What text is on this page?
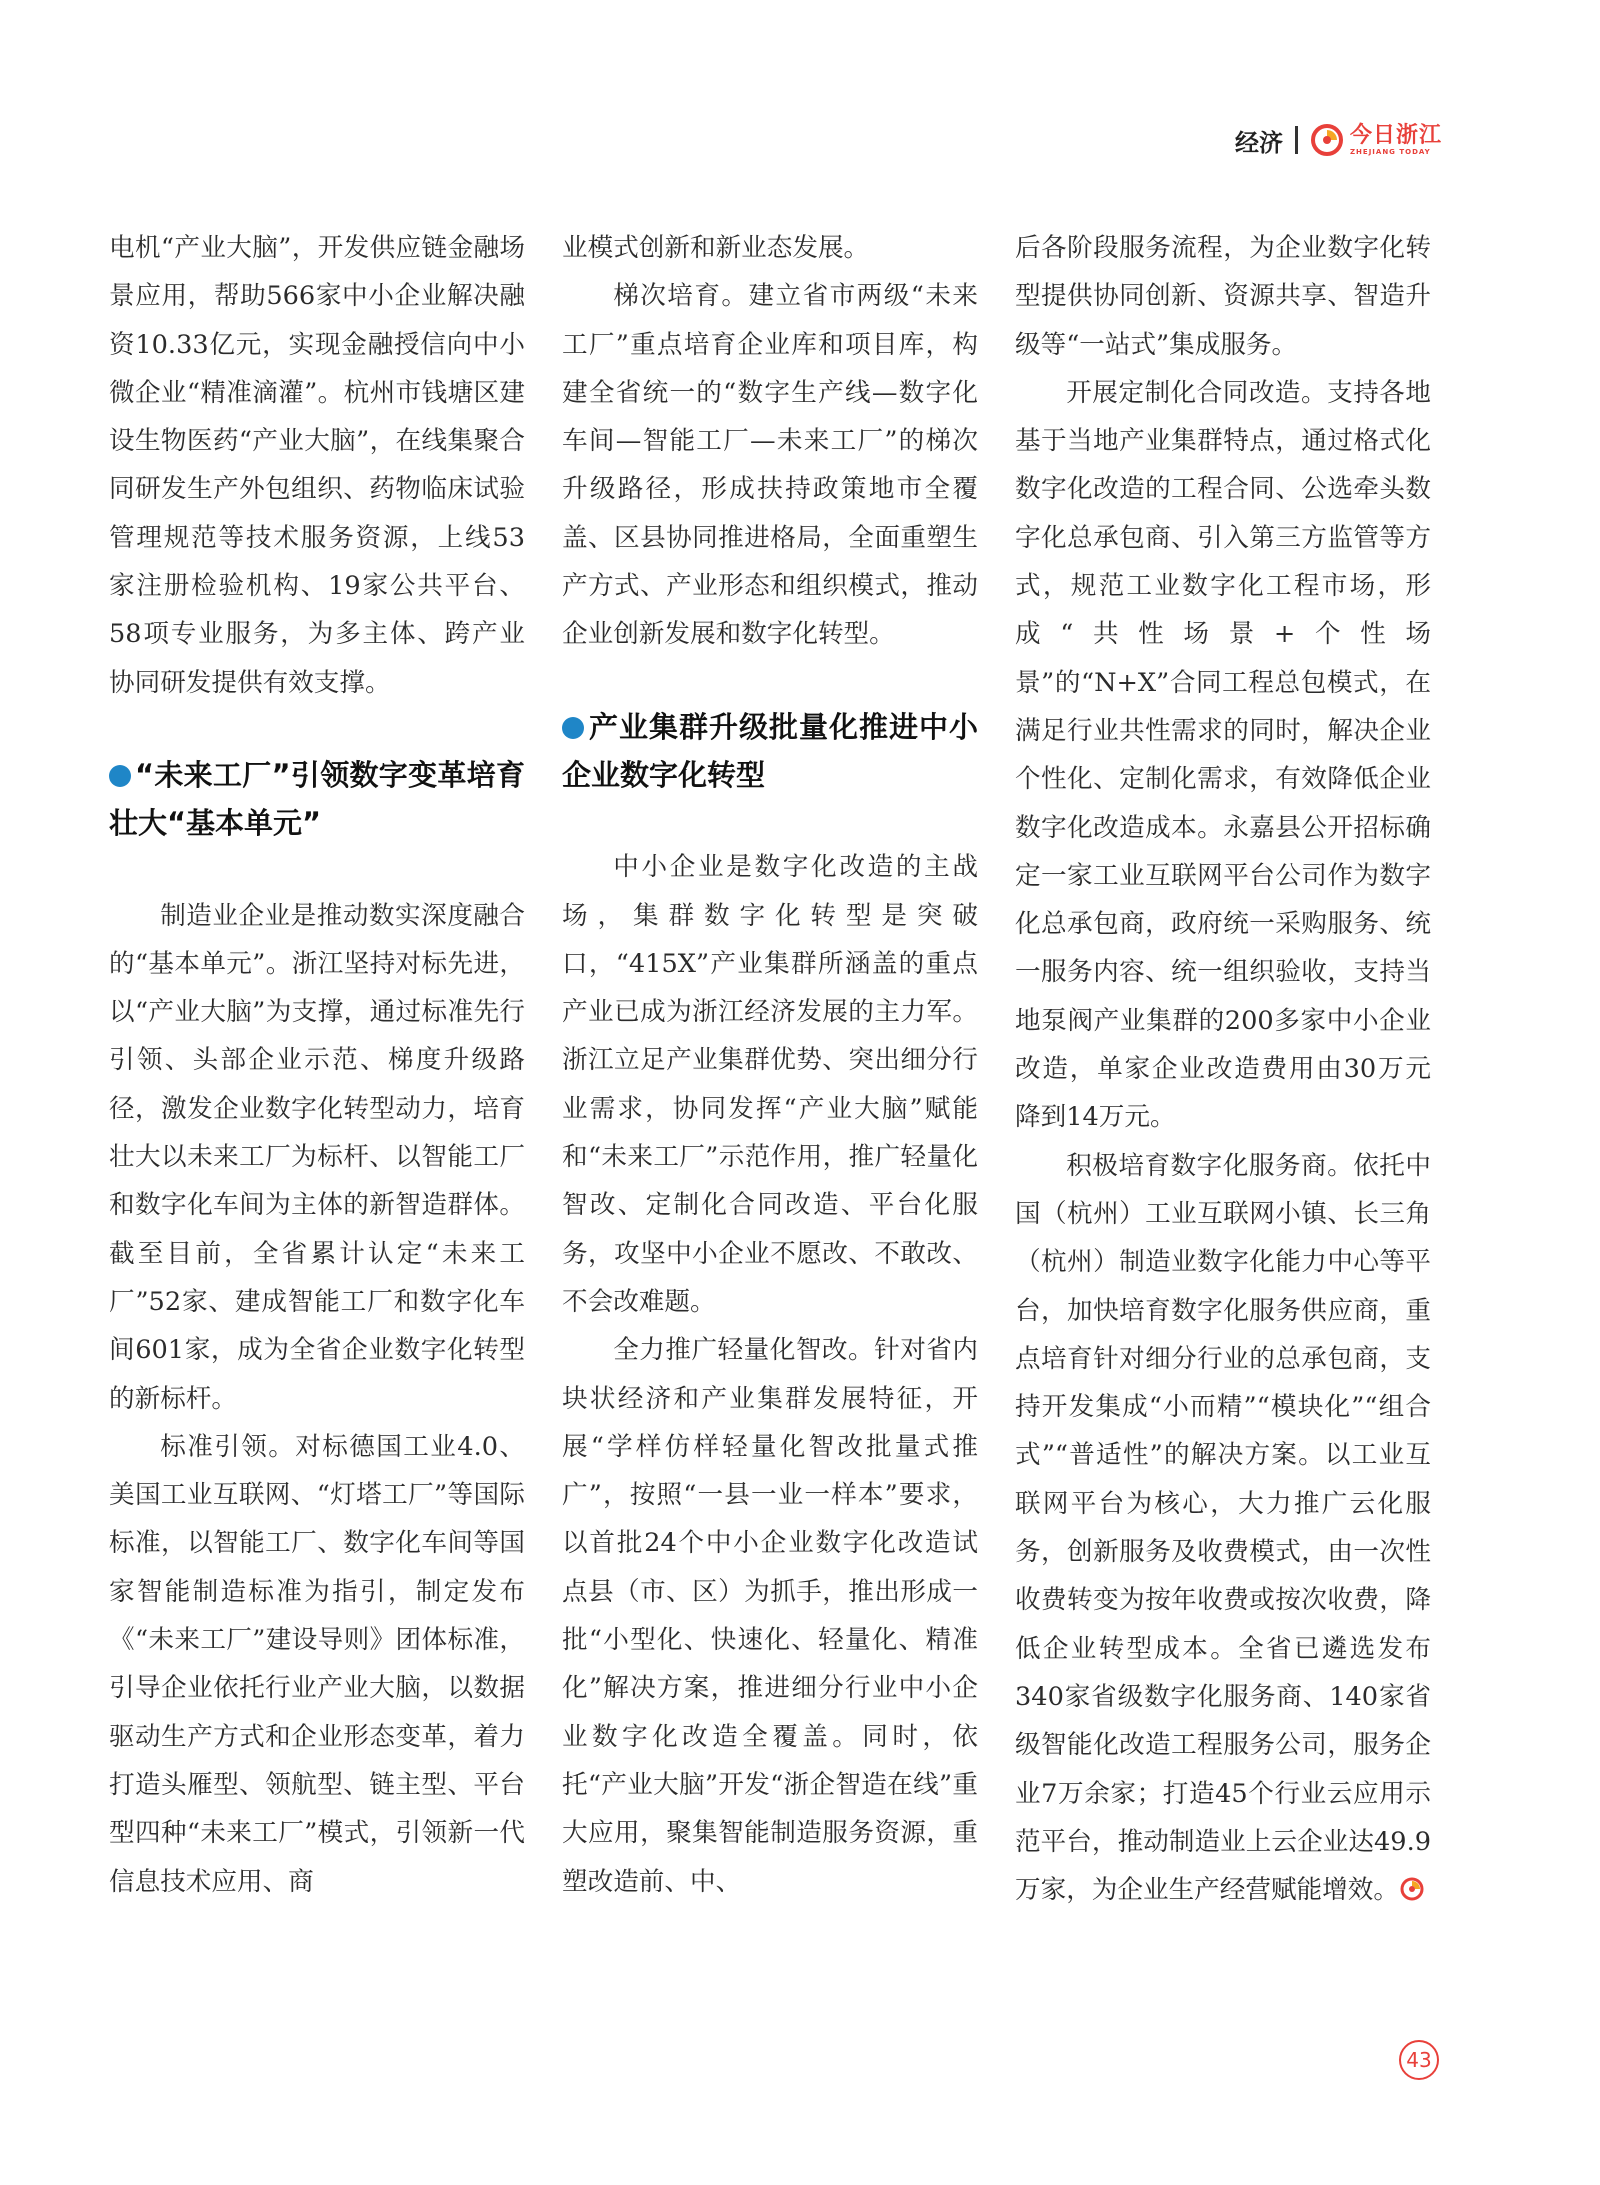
经济	今日浙江
ZHEJIANG TODAY

电机“产业大脑”，开发供应链金融场景应用，帮助566家中小企业解决融资10.33亿元，实现金融授信向中小微企业“精准滴灌”。杭州市钱塘区建设生物医药“产业大脑”，在线集聚合同研发生产外包组织、药物临床试验管理规范等技术服务资源，上线53家注册检验机构、19家公共平台、58项专业服务，为多主体、跨产业协同研发提供有效支撑。

“未来工厂”引领数字变革培育壮大“基本单元”

制造业企业是推动数实深度融合的“基本单元”。浙江坚持对标先进，以“产业大脑”为支撑，通过标准先行引领、头部企业示范、梯度升级路径，激发企业数字化转型动力，培育壮大以未来工厂为标杆、以智能工厂和数字化车间为主体的新智造群体。截至目前，全省累计认定“未来工厂”52家、建成智能工厂和数字化车间601家，成为全省企业数字化转型的新标杆。

标准引领。对标德国工业4.0、美国工业互联网、“灯塔工厂”等国际标准，以智能工厂、数字化车间等国家智能制造标准为指引，制定发布《“未来工厂”建设导则》团体标准，引导企业依托行业产业大脑，以数据驱动生产方式和企业形态变革，着力打造头雁型、领航型、链主型、平台型四种“未来工厂”模式，引领新一代信息技术应用、商

业模式创新和新业态发展。

梯次培育。建立省市两级“未来工厂”重点培育企业库和项目库，构建全省统一的“数字生产线—数字化车间—智能工厂—未来工厂”的梯次升级路径，形成扶持政策地市全覆盖、区县协同推进格局，全面重塑生产方式、产业形态和组织模式，推动企业创新发展和数字化转型。

产业集群升级批量化推进中小企业数字化转型

中小企业是数字化改造的主战场，集群数字化转型是突破口，“415X”产业集群所涵盖的重点产业已成为浙江经济发展的主力军。浙江立足产业集群优势、突出细分行业需求，协同发挥“产业大脑”赋能和“未来工厂”示范作用，推广轻量化智改、定制化合同改造、平台化服务，攻坚中小企业不愿改、不敢改、不会改难题。

全力推广轻量化智改。针对省内块状经济和产业集群发展特征，开展“学样仿样轻量化智改批量式推广”，按照“一县一业一样本”要求，以首批24个中小企业数字化改造试点县（市、区）为抓手，推出形成一批“小型化、快速化、轻量化、精准化”解决方案，推进细分行业中小企业数字化改造全覆盖。同时，依托“产业大脑”开发“浙企智造在线”重大应用，聚集智能制造服务资源，重塑改造前、中、

后各阶段服务流程，为企业数字化转型提供协同创新、资源共享、智造升级等“一站式”集成服务。

开展定制化合同改造。支持各地基于当地产业集群特点，通过格式化数字化改造的工程合同、公选牵头数字化总承包商、引入第三方监管等方式，规范工业数字化工程市场，形成“共性场景+个性场景”的“N+X”合同工程总包模式，在满足行业共性需求的同时，解决企业个性化、定制化需求，有效降低企业数字化改造成本。永嘉县公开招标确定一家工业互联网平台公司作为数字化总承包商，政府统一采购服务、统一服务内容、统一组织验收，支持当地泵阀产业集群的200多家中小企业改造，单家企业改造费用由30万元降到14万元。

积极培育数字化服务商。依托中国（杭州）工业互联网小镇、长三角（杭州）制造业数字化能力中心等平台，加快培育数字化服务供应商，重点培育针对细分行业的总承包商，支持开发集成“小而精”“模块化”“组合式”“普适性”的解决方案。以工业互联网平台为核心，大力推广云化服务，创新服务及收费模式，由一次性收费转变为按年收费或按次收费，降低企业转型成本。全省已遴选发布340家省级数字化服务商、140家省级智能化改造工程服务公司，服务企业7万余家；打造45个行业云应用示范平台，推动制造业上云企业达49.9万家，为企业生产经营赋能增效。

43
